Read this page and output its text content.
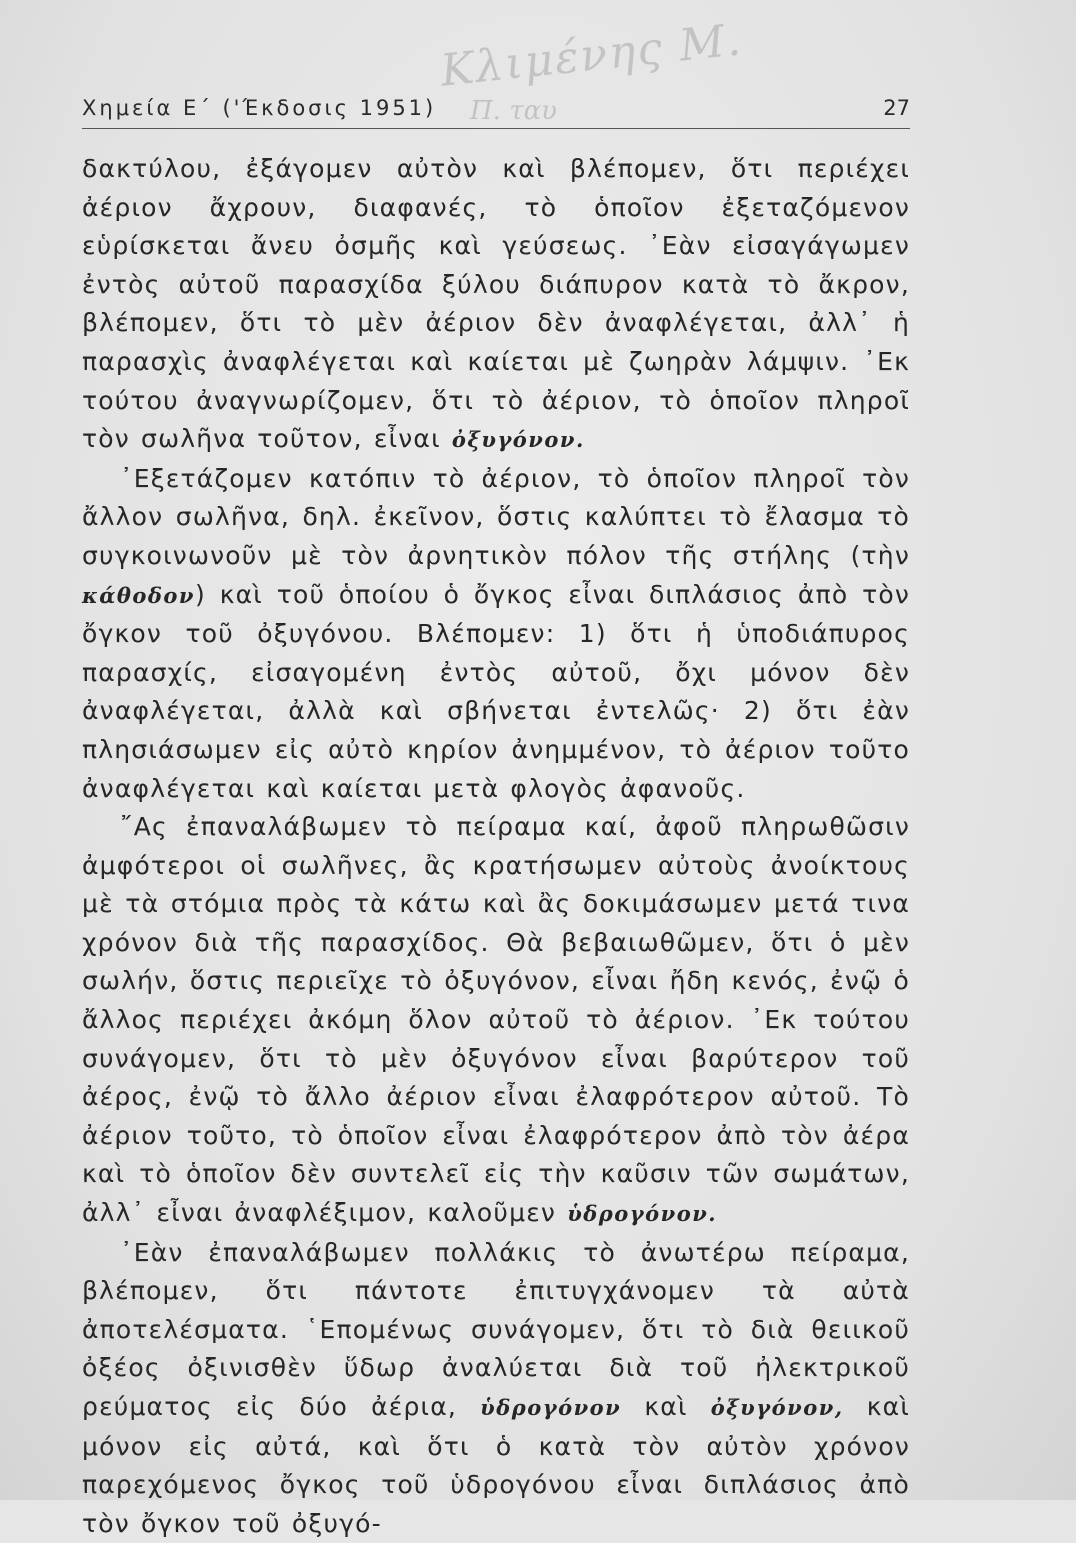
Κλιμένης Μ.
Π. ταυ
Χημεία Ε΄ ('Έκδοσις 1951)	27

δακτύλου, ἐξάγομεν αὐτὸν καὶ βλέπομεν, ὅτι περιέχει ἀέριον ἄχρουν, διαφανές, τὸ ὁποῖον ἐξεταζόμενον εὑρίσκεται ἄνευ ὀσμῆς καὶ γεύσεως. ᾿Εὰν εἰσαγάγωμεν ἐντὸς αὐτοῦ παρασχίδα ξύλου διάπυρον κατὰ τὸ ἄκρον, βλέπομεν, ὅτι τὸ μὲν ἀέριον δὲν ἀναφλέγεται, ἀλλ᾿ ἡ παρασχὶς ἀναφλέγεται καὶ καίεται μὲ ζωηρὰν λάμψιν. ᾿Εκ τούτου ἀναγνωρίζομεν, ὅτι τὸ ἀέριον, τὸ ὁποῖον πληροῖ τὸν σωλῆνα τοῦτον, εἶναι ὀξυγόνον.

᾿Εξετάζομεν κατόπιν τὸ ἀέριον, τὸ ὁποῖον πληροῖ τὸν ἄλλον σωλῆνα, δηλ. ἐκεῖνον, ὅστις καλύπτει τὸ ἔλασμα τὸ συγκοινωνοῦν μὲ τὸν ἀρνητικὸν πόλον τῆς στήλης (τὴν κάθοδον) καὶ τοῦ ὁποίου ὁ ὄγκος εἶναι διπλάσιος ἀπὸ τὸν ὄγκον τοῦ ὀξυγόνου. Βλέπομεν: 1) ὅτι ἡ ὑποδιάπυρος παρασχίς, εἰσαγομένη ἐντὸς αὐτοῦ, ὄχι μόνον δὲν ἀναφλέγεται, ἀλλὰ καὶ σβήνεται ἐντελῶς· 2) ὅτι ἐὰν πλησιάσωμεν εἰς αὐτὸ κηρίον ἀνημμένον, τὸ ἀέριον τοῦτο ἀναφλέγεται καὶ καίεται μετὰ φλογὸς ἀφανοῦς.

῎Ας ἐπαναλάβωμεν τὸ πείραμα καί, ἀφοῦ πληρωθῶσιν ἀμφότεροι οἱ σωλῆνες, ἂς κρατήσωμεν αὐτοὺς ἀνοίκτους μὲ τὰ στόμια πρὸς τὰ κάτω καὶ ἂς δοκιμάσωμεν μετά τινα χρόνον διὰ τῆς παρασχίδος. Θὰ βεβαιωθῶμεν, ὅτι ὁ μὲν σωλήν, ὅστις περιεῖχε τὸ ὀξυγόνον, εἶναι ἤδη κενός, ἐνῷ ὁ ἄλλος περιέχει ἀκόμη ὅλον αὐτοῦ τὸ ἀέριον. ᾿Εκ τούτου συνάγομεν, ὅτι τὸ μὲν ὀξυγόνον εἶναι βαρύτερον τοῦ ἀέρος, ἐνῷ τὸ ἄλλο ἀέριον εἶναι ἐλαφρότερον αὐτοῦ. Τὸ ἀέριον τοῦτο, τὸ ὁποῖον εἶναι ἐλαφρότερον ἀπὸ τὸν ἀέρα καὶ τὸ ὁποῖον δὲν συντελεῖ εἰς τὴν καῦσιν τῶν σωμάτων, ἀλλ᾿ εἶναι ἀναφλέξιμον, καλοῦμεν ὑδρογόνον.

᾿Εὰν ἐπαναλάβωμεν πολλάκις τὸ ἀνωτέρω πείραμα, βλέπομεν, ὅτι πάντοτε ἐπιτυγχάνομεν τὰ αὐτὰ ἀποτελέσματα. ῾Επομένως συνάγομεν, ὅτι τὸ διὰ θειικοῦ ὀξέος ὀξινισθὲν ὕδωρ ἀναλύεται διὰ τοῦ ἠλεκτρικοῦ ρεύματος εἰς δύο ἀέρια, ὑδρογόνον καὶ ὀξυγόνον, καὶ μόνον εἰς αὐτά, καὶ ὅτι ὁ κατὰ τὸν αὐτὸν χρόνον παρεχόμενος ὄγκος τοῦ ὑδρογόνου εἶναι διπλάσιος ἀπὸ τὸν ὄγκον τοῦ ὀξυγό-
